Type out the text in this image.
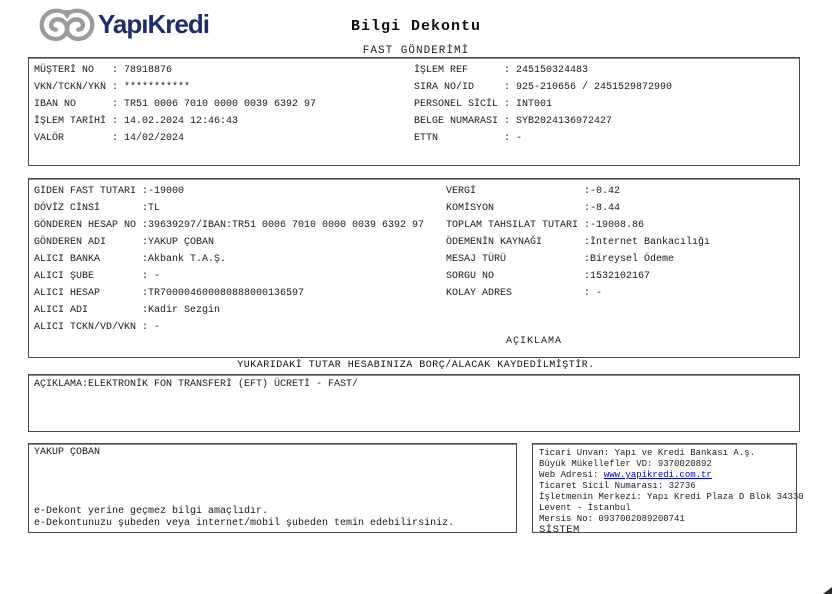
YapıKredi	Bilgi Dekontu
FAST GÖNDERİMİ
MÜŞTERİ NO : 78918876
VKN/TCKN/YKN : ***********
IBAN NO	: TR51 0006 7010 0000 0039 6392 97
İŞLEM TARİHİ : 14.02.2024 12:46:43
VALÖR	: 14/02/2024
İŞLEM REF	: 245150324483
SIRA NO/ID	: 925-210656 / 2451529872990
PERSONEL SİCİL : INT001
BELGE NUMARASI : SYB2024136972427
ETTN	: -
GİDEN FAST TUTARI :-19000
DÖVİZ CİNSİ	:TL
GÖNDEREN HESAP NO :39639297/IBAN:TR51 0006 7010 0000 0039 6392 97
GÖNDEREN ADI	:YAKUP ÇOBAN
ALICI BANKA	:Akbank T.A.Ş.
ALICI ŞUBE	: -
ALICI HESAP	:TR700004600080888000136597
ALICI ADI	:Kadir Sezgin
ALICI TCKN/VD/VKN : -
VERGİ	:-0.42
KOMİSYON	:-8.44
TOPLAM TAHSILAT TUTARI :-19008.86
ÖDEMENİN KAYNAĞI	:İnternet Bankacılığı
MESAJ TÜRÜ	:Bireysel Ödeme
SORGU NO	:1532102167
KOLAY ADRES	: -
AÇIKLAMA
YUKARIDAKİ TUTAR HESABINIZA BORÇ/ALACAK KAYDEDİLMİŞTİR.
AÇIKLAMA:ELEKTRONİK FON TRANSFERİ (EFT) ÜCRETİ - FAST/
YAKUP ÇOBAN
e-Dekont yerine geçmez bilgi amaçlıdır.
e-Dekontunuzu şubeden veya internet/mobil şubeden temin edebilirsiniz.
Ticari Unvan: Yapı ve Kredi Bankası A.ş.
Büyük Mükellefler VD: 9370020892
Web Adresi: www.yapikredi.com.tr
Ticaret Sicil Numarası: 32736
İşletmenin Merkezi: Yapı Kredi Plaza D Blok 34330
Levent - İstanbul
Mersis No: 0937002089200741
SİSTEM
